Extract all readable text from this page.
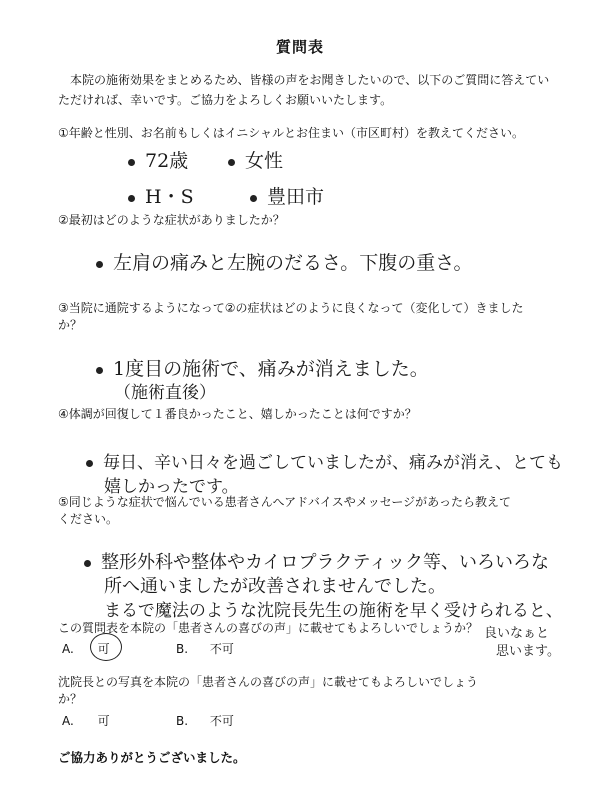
質問表
本院の施術効果をまとめるため、皆様の声をお聞きしたいので、以下のご質問に答えていただければ、幸いです。ご協力をよろしくお願いいたします。
①年齢と性別、お名前もしくはイニシャルとお住まい（市区町村）を教えてください。
72歳	女性
H・S	豊田市
②最初はどのような症状がありましたか？
左肩の痛みと左腕のだるさ。下腹の重さ。
③当院に通院するようになって②の症状はどのように良くなって（変化して）きましたか？
1度目の施術で、痛みが消えました。
（施術直後）
④体調が回復して１番良かったこと、嬉しかったことは何ですか？
毎日、辛い日々を過ごしていましたが、痛みが消え、とても
嬉しかったです。
⑤同じような症状で悩んでいる患者さんへアドバイスやメッセージがあったら教えてください。
整形外科や整体やカイロプラクティック等、いろいろな
所へ通いましたが改善されませんでした。
まるで魔法のような沈院長先生の施術を早く受けられると、
良いなぁと
思います。
この質問表を本院の「患者さんの喜びの声」に載せてもよろしいでしょうか？
A. 可	B. 不可
沈院長との写真を本院の「患者さんの喜びの声」に載せてもよろしいでしょうか？
A. 可	B. 不可
ご協力ありがとうございました。
